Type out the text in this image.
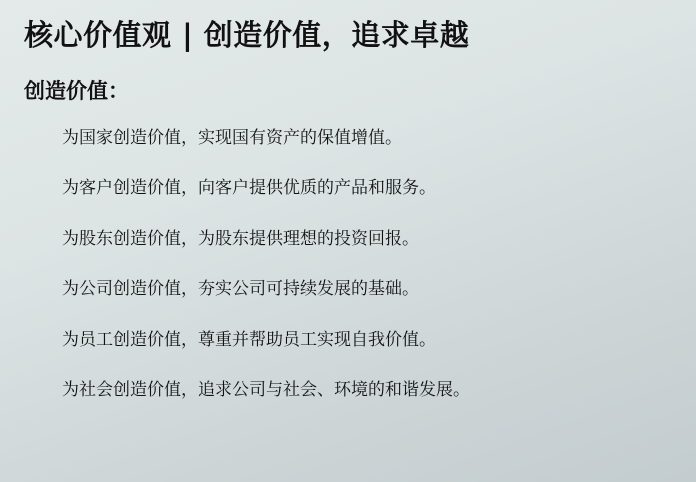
核心价值观 | 创造价值，追求卓越
创造价值：
为国家创造价值，实现国有资产的保值增值。
为客户创造价值，向客户提供优质的产品和服务。
为股东创造价值，为股东提供理想的投资回报。
为公司创造价值，夯实公司可持续发展的基础。
为员工创造价值，尊重并帮助员工实现自我价值。
为社会创造价值，追求公司与社会、环境的和谐发展。
